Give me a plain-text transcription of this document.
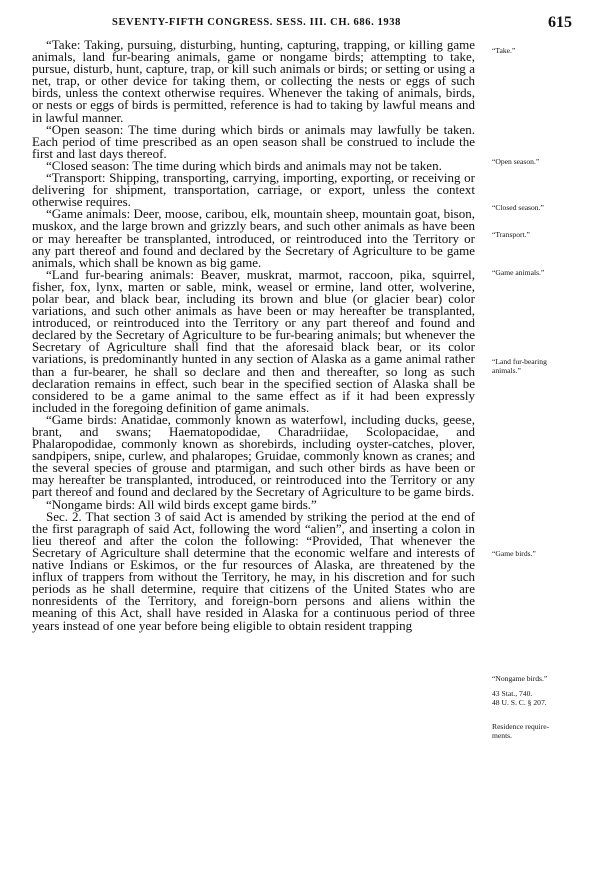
SEVENTY-FIFTH CONGRESS. SESS. III. CH. 686. 1938	615

“Take: Taking, pursuing, disturbing, hunting, capturing, trapping, or killing game animals, land fur-bearing animals, game or nongame birds; attempting to take, pursue, disturb, hunt, capture, trap, or kill such animals or birds; or setting or using a net, trap, or other device for taking them, or collecting the nests or eggs of such birds, unless the context otherwise requires. Whenever the taking of animals, birds, or nests or eggs of birds is permitted, reference is had to taking by lawful means and in lawful manner.

“Open season: The time during which birds or animals may lawfully be taken. Each period of time prescribed as an open season shall be construed to include the first and last days thereof.

“Closed season: The time during which birds and animals may not be taken.

“Transport: Shipping, transporting, carrying, importing, exporting, or receiving or delivering for shipment, transportation, carriage, or export, unless the context otherwise requires.

“Game animals: Deer, moose, caribou, elk, mountain sheep, mountain goat, bison, muskox, and the large brown and grizzly bears, and such other animals as have been or may hereafter be transplanted, introduced, or reintroduced into the Territory or any part thereof and found and declared by the Secretary of Agriculture to be game animals, which shall be known as big game.

“Land fur-bearing animals: Beaver, muskrat, marmot, raccoon, pika, squirrel, fisher, fox, lynx, marten or sable, mink, weasel or ermine, land otter, wolverine, polar bear, and black bear, including its brown and blue (or glacier bear) color variations, and such other animals as have been or may hereafter be transplanted, introduced, or reintroduced into the Territory or any part thereof and found and declared by the Secretary of Agriculture to be fur-bearing animals; but whenever the Secretary of Agriculture shall find that the aforesaid black bear, or its color variations, is predominantly hunted in any section of Alaska as a game animal rather than a fur-bearer, he shall so declare and then and thereafter, so long as such declaration remains in effect, such bear in the specified section of Alaska shall be considered to be a game animal to the same effect as if it had been expressly included in the foregoing definition of game animals.

“Game birds: Anatidae, commonly known as waterfowl, including ducks, geese, brant, and swans; Haematopodidae, Charadriidae, Scolopacidae, and Phalaropodidae, commonly known as shorebirds, including oyster-catches, plover, sandpipers, snipe, curlew, and phalaropes; Gruidae, commonly known as cranes; and the several species of grouse and ptarmigan, and such other birds as have been or may hereafter be transplanted, introduced, or reintroduced into the Territory or any part thereof and found and declared by the Secretary of Agriculture to be game birds.

“Nongame birds: All wild birds except game birds.”

Sec. 2. That section 3 of said Act is amended by striking the period at the end of the first paragraph of said Act, following the word “alien”, and inserting a colon in lieu thereof and after the colon the following: “Provided, That whenever the Secretary of Agriculture shall determine that the economic welfare and interests of native Indians or Eskimos, or the fur resources of Alaska, are threatened by the influx of trappers from without the Territory, he may, in his discretion and for such periods as he shall determine, require that citizens of the United States who are nonresidents of the Territory, and foreign-born persons and aliens within the meaning of this Act, shall have resided in Alaska for a continuous period of three years instead of one year before being eligible to obtain resident trapping

“Take.”
“Open season.”
“Closed season.”
“Transport.”
“Game animals.”
“Land fur-bearing
animals.”
“Game birds.”
“Nongame birds.”
43 Stat., 740.
48 U. S. C. § 207.
Residence require-
ments.
